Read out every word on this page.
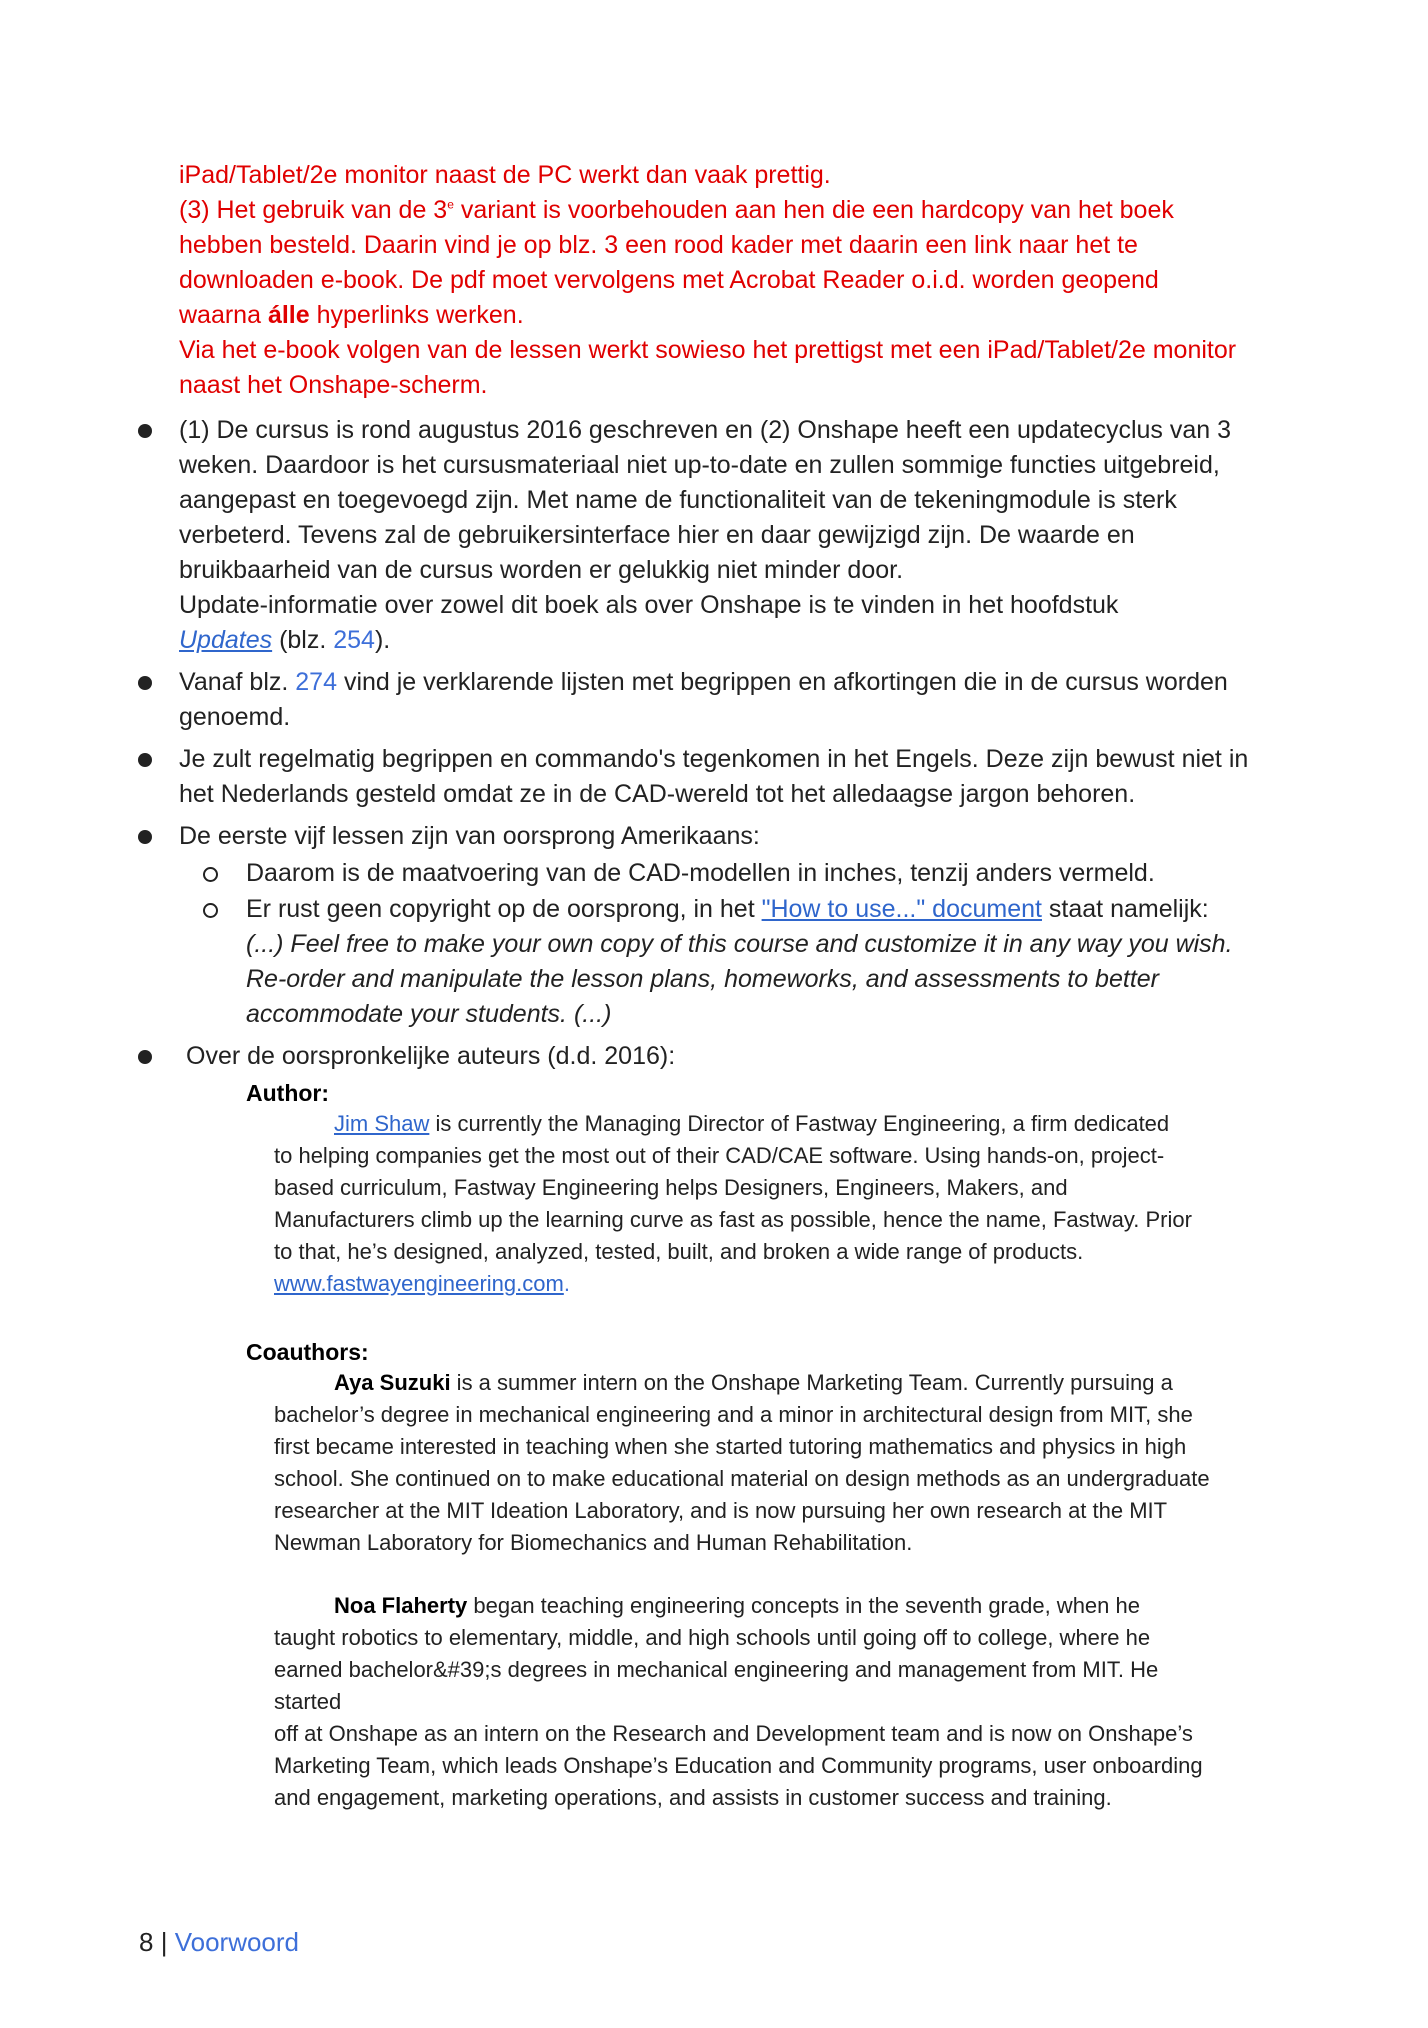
iPad/Tablet/2e monitor naast de PC werkt dan vaak prettig.
(3) Het gebruik van de 3e variant is voorbehouden aan hen die een hardcopy van het boek
hebben besteld. Daarin vind je op blz. 3 een rood kader met daarin een link naar het te
downloaden e-book. De pdf moet vervolgens met Acrobat Reader o.i.d. worden geopend
waarna álle hyperlinks werken.
Via het e-book volgen van de lessen werkt sowieso het prettigst met een iPad/Tablet/2e monitor
naast het Onshape-scherm.
(1) De cursus is rond augustus 2016 geschreven en (2) Onshape heeft een updatecyclus van 3
weken. Daardoor is het cursusmateriaal niet up-to-date en zullen sommige functies uitgebreid,
aangepast en toegevoegd zijn. Met name de functionaliteit van de tekeningmodule is sterk
verbeterd. Tevens zal de gebruikersinterface hier en daar gewijzigd zijn. De waarde en
bruikbaarheid van de cursus worden er gelukkig niet minder door.
Update-informatie over zowel dit boek als over Onshape is te vinden in het hoofdstuk
Updates (blz. 254).
Vanaf blz. 274 vind je verklarende lijsten met begrippen en afkortingen die in de cursus worden
genoemd.
Je zult regelmatig begrippen en commando's tegenkomen in het Engels. Deze zijn bewust niet in
het Nederlands gesteld omdat ze in de CAD-wereld tot het alledaagse jargon behoren.
De eerste vijf lessen zijn van oorsprong Amerikaans:
Daarom is de maatvoering van de CAD-modellen in inches, tenzij anders vermeld.
Er rust geen copyright op de oorsprong, in het "How to use..." document staat namelijk:
(...) Feel free to make your own copy of this course and customize it in any way you wish.
Re-order and manipulate the lesson plans, homeworks, and assessments to better
accommodate your students. (...)
Over de oorspronkelijke auteurs (d.d. 2016):
Author:
Jim Shaw is currently the Managing Director of Fastway Engineering, a firm dedicated
to helping companies get the most out of their CAD/CAE software. Using hands-on, project-
based curriculum, Fastway Engineering helps Designers, Engineers, Makers, and
Manufacturers climb up the learning curve as fast as possible, hence the name, Fastway. Prior
to that, he’s designed, analyzed, tested, built, and broken a wide range of products.
www.fastwayengineering.com.
Coauthors:
Aya Suzuki is a summer intern on the Onshape Marketing Team. Currently pursuing a
bachelor’s degree in mechanical engineering and a minor in architectural design from MIT, she
first became interested in teaching when she started tutoring mathematics and physics in high
school. She continued on to make educational material on design methods as an undergraduate
researcher at the MIT Ideation Laboratory, and is now pursuing her own research at the MIT
Newman Laboratory for Biomechanics and Human Rehabilitation.
Noa Flaherty began teaching engineering concepts in the seventh grade, when he
taught robotics to elementary, middle, and high schools until going off to college, where he
earned bachelor&#39;s degrees in mechanical engineering and management from MIT. He
started
off at Onshape as an intern on the Research and Development team and is now on Onshape’s
Marketing Team, which leads Onshape’s Education and Community programs, user onboarding
and engagement, marketing operations, and assists in customer success and training.
8 | Voorwoord
